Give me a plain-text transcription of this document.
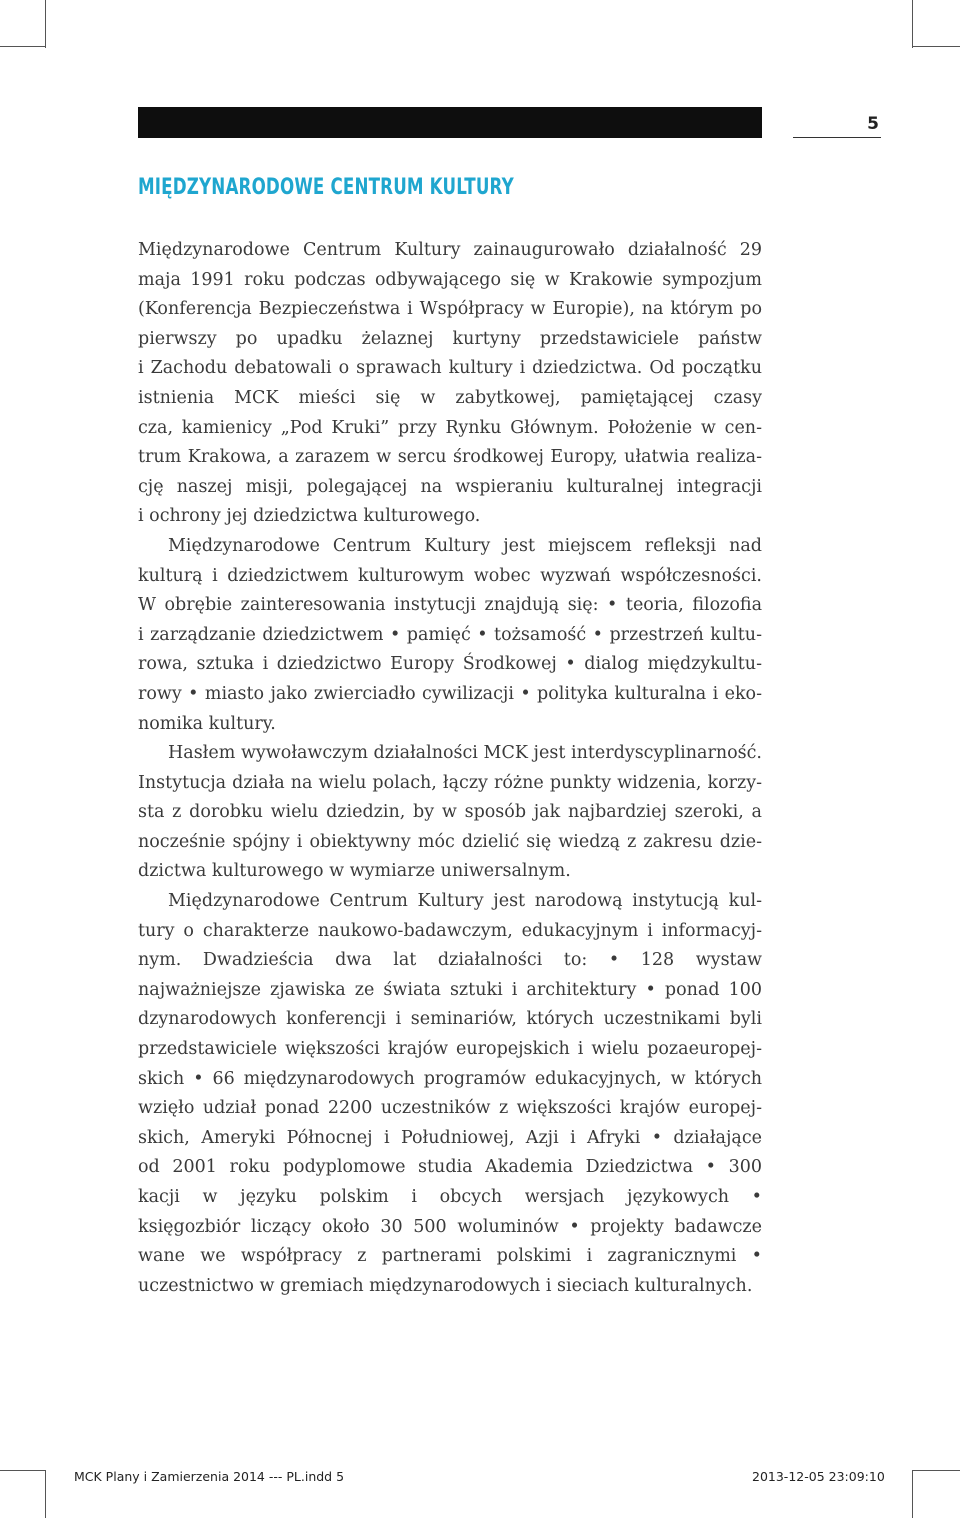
5
MIĘDZYNARODOWE CENTRUM KULTURY
Międzynarodowe Centrum Kultury zainaugurowało działalność 29
maja 1991 roku podczas odbywającego się w Krakowie sympozjum
(Konferencja Bezpieczeństwa i Współpracy w Europie), na którym po
pierwszy po upadku żelaznej kurtyny przedstawiciele państw
i Zachodu debatowali o sprawach kultury i dziedzictwa. Od początku
istnienia MCK mieści się w zabytkowej, pamiętającej czasy
cza, kamienicy „Pod Kruki” przy Rynku Głównym. Położenie w cen-
trum Krakowa, a zarazem w sercu środkowej Europy, ułatwia realiza-
cję naszej misji, polegającej na wspieraniu kulturalnej integracji
i ochrony jej dziedzictwa kulturowego.
Międzynarodowe Centrum Kultury jest miejscem refleksji nad
kulturą i dziedzictwem kulturowym wobec wyzwań współczesności.
W obrębie zainteresowania instytucji znajdują się: • teoria, filozofia
i zarządzanie dziedzictwem • pamięć • tożsamość • przestrzeń kultu-
rowa, sztuka i dziedzictwo Europy Środkowej • dialog międzykultu-
rowy • miasto jako zwierciadło cywilizacji • polityka kulturalna i eko-
nomika kultury.
Hasłem wywoławczym działalności MCK jest interdyscyplinarność.
Instytucja działa na wielu polach, łączy różne punkty widzenia, korzy-
sta z dorobku wielu dziedzin, by w sposób jak najbardziej szeroki, a
nocześnie spójny i obiektywny móc dzielić się wiedzą z zakresu dzie-
dzictwa kulturowego w wymiarze uniwersalnym.
Międzynarodowe Centrum Kultury jest narodową instytucją kul-
tury o charakterze naukowo-badawczym, edukacyjnym i informacyj-
nym. Dwadzieścia dwa lat działalności to: • 128 wystaw
najważniejsze zjawiska ze świata sztuki i architektury • ponad 100
dzynarodowych konferencji i seminariów, których uczestnikami byli
przedstawiciele większości krajów europejskich i wielu pozaeuropej-
skich • 66 międzynarodowych programów edukacyjnych, w których
wzięło udział ponad 2200 uczestników z większości krajów europej-
skich, Ameryki Północnej i Południowej, Azji i Afryki • działające
od 2001 roku podyplomowe studia Akademia Dziedzictwa • 300
kacji w języku polskim i obcych wersjach językowych •
księgozbiór liczący około 30 500 woluminów • projekty badawcze
wane we współpracy z partnerami polskimi i zagranicznymi •
uczestnictwo w gremiach międzynarodowych i sieciach kulturalnych.
MCK Plany i Zamierzenia 2014 --- PL.indd 5	2013-12-05 23:09:10
